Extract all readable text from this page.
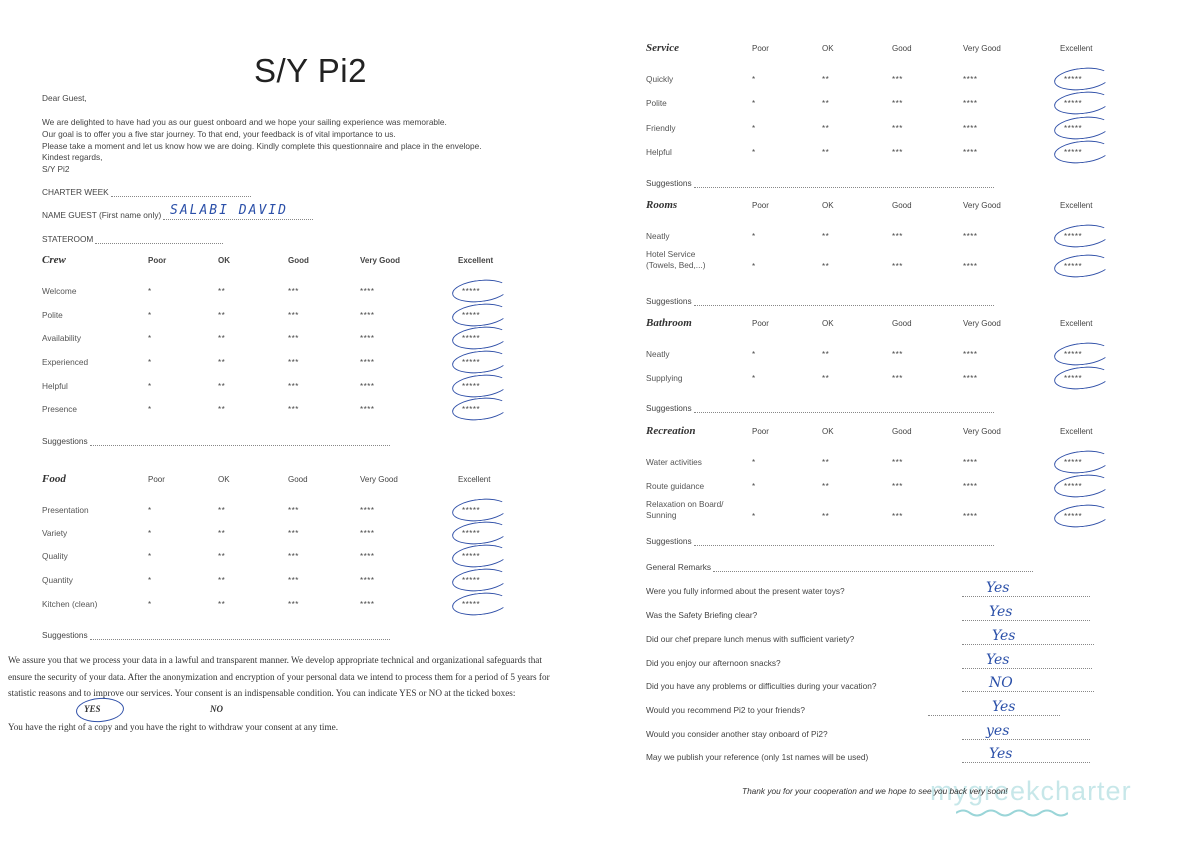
S/Y Pi2
Dear Guest,
We are delighted to have had you as our guest onboard and we hope your sailing experience was memorable.
Our goal is to offer you a five star journey. To that end, your feedback is of vital importance to us.
Please take a moment and let us know how we are doing. Kindly complete this questionnaire and place in the envelope.
Kindest regards,
S/Y Pi2
CHARTER WEEK
NAME GUEST (First name only) SALABI DAVID
STATEROOM
Crew	Poor	OK	Good	Very Good	Excellent
Welcome	*	**	***	****	*****
Polite	*	**	***	****	*****
Availability	*	**	***	****	*****
Experienced	*	**	***	****	*****
Helpful	*	**	***	****	*****
Presence	*	**	***	****	*****
Suggestions
Food	Poor	OK	Good	Very Good	Excellent
Presentation	*	**	***	****	*****
Variety	*	**	***	****	*****
Quality	*	**	***	****	*****
Quantity	*	**	***	****	*****
Kitchen (clean)	*	**	***	****	*****
Suggestions
We assure you that we process your data in a lawful and transparent manner. We develop appropriate technical and organizational safeguards that
ensure the security of your data. After the anonymization and encryption of your personal data we intend to process them for a period of 5 years for
statistic reasons and to improve our services. Your consent is an indispensable condition. You can indicate YES or NO at the ticked boxes:
YES	NO
You have the right of a copy and you have the right to withdraw your consent at any time.
Service	Poor	OK	Good	Very Good	Excellent
Quickly	*	**	***	****	*****
Polite	*	**	***	****	*****
Friendly	*	**	***	****	*****
Helpful	*	**	***	****	*****
Suggestions
Rooms	Poor	OK	Good	Very Good	Excellent
Neatly	*	**	***	****	*****
Hotel Service
(Towels, Bed,...)	*	**	***	****	*****
Suggestions
Bathroom	Poor	OK	Good	Very Good	Excellent
Neatly	*	**	***	****	*****
Supplying	*	**	***	****	*****
Suggestions
Recreation	Poor	OK	Good	Very Good	Excellent
Water activities	*	**	***	****	*****
Route guidance	*	**	***	****	*****
Relaxation on Board/
Sunning	*	**	***	****	*****
Suggestions
General Remarks
Were you fully informed about the present water toys?	Yes
Was the Safety Briefing clear?	Yes
Did our chef prepare lunch menus with sufficient variety?	Yes
Did you enjoy our afternoon snacks?	Yes
Did you have any problems or difficulties during your vacation?	NO
Would you recommend Pi2 to your friends?	Yes
Would you consider another stay onboard of Pi2?	yes
May we publish your reference (only 1st names will be used)	Yes
mygreekcharter
Thank you for your cooperation and we hope to see you back very soon!
